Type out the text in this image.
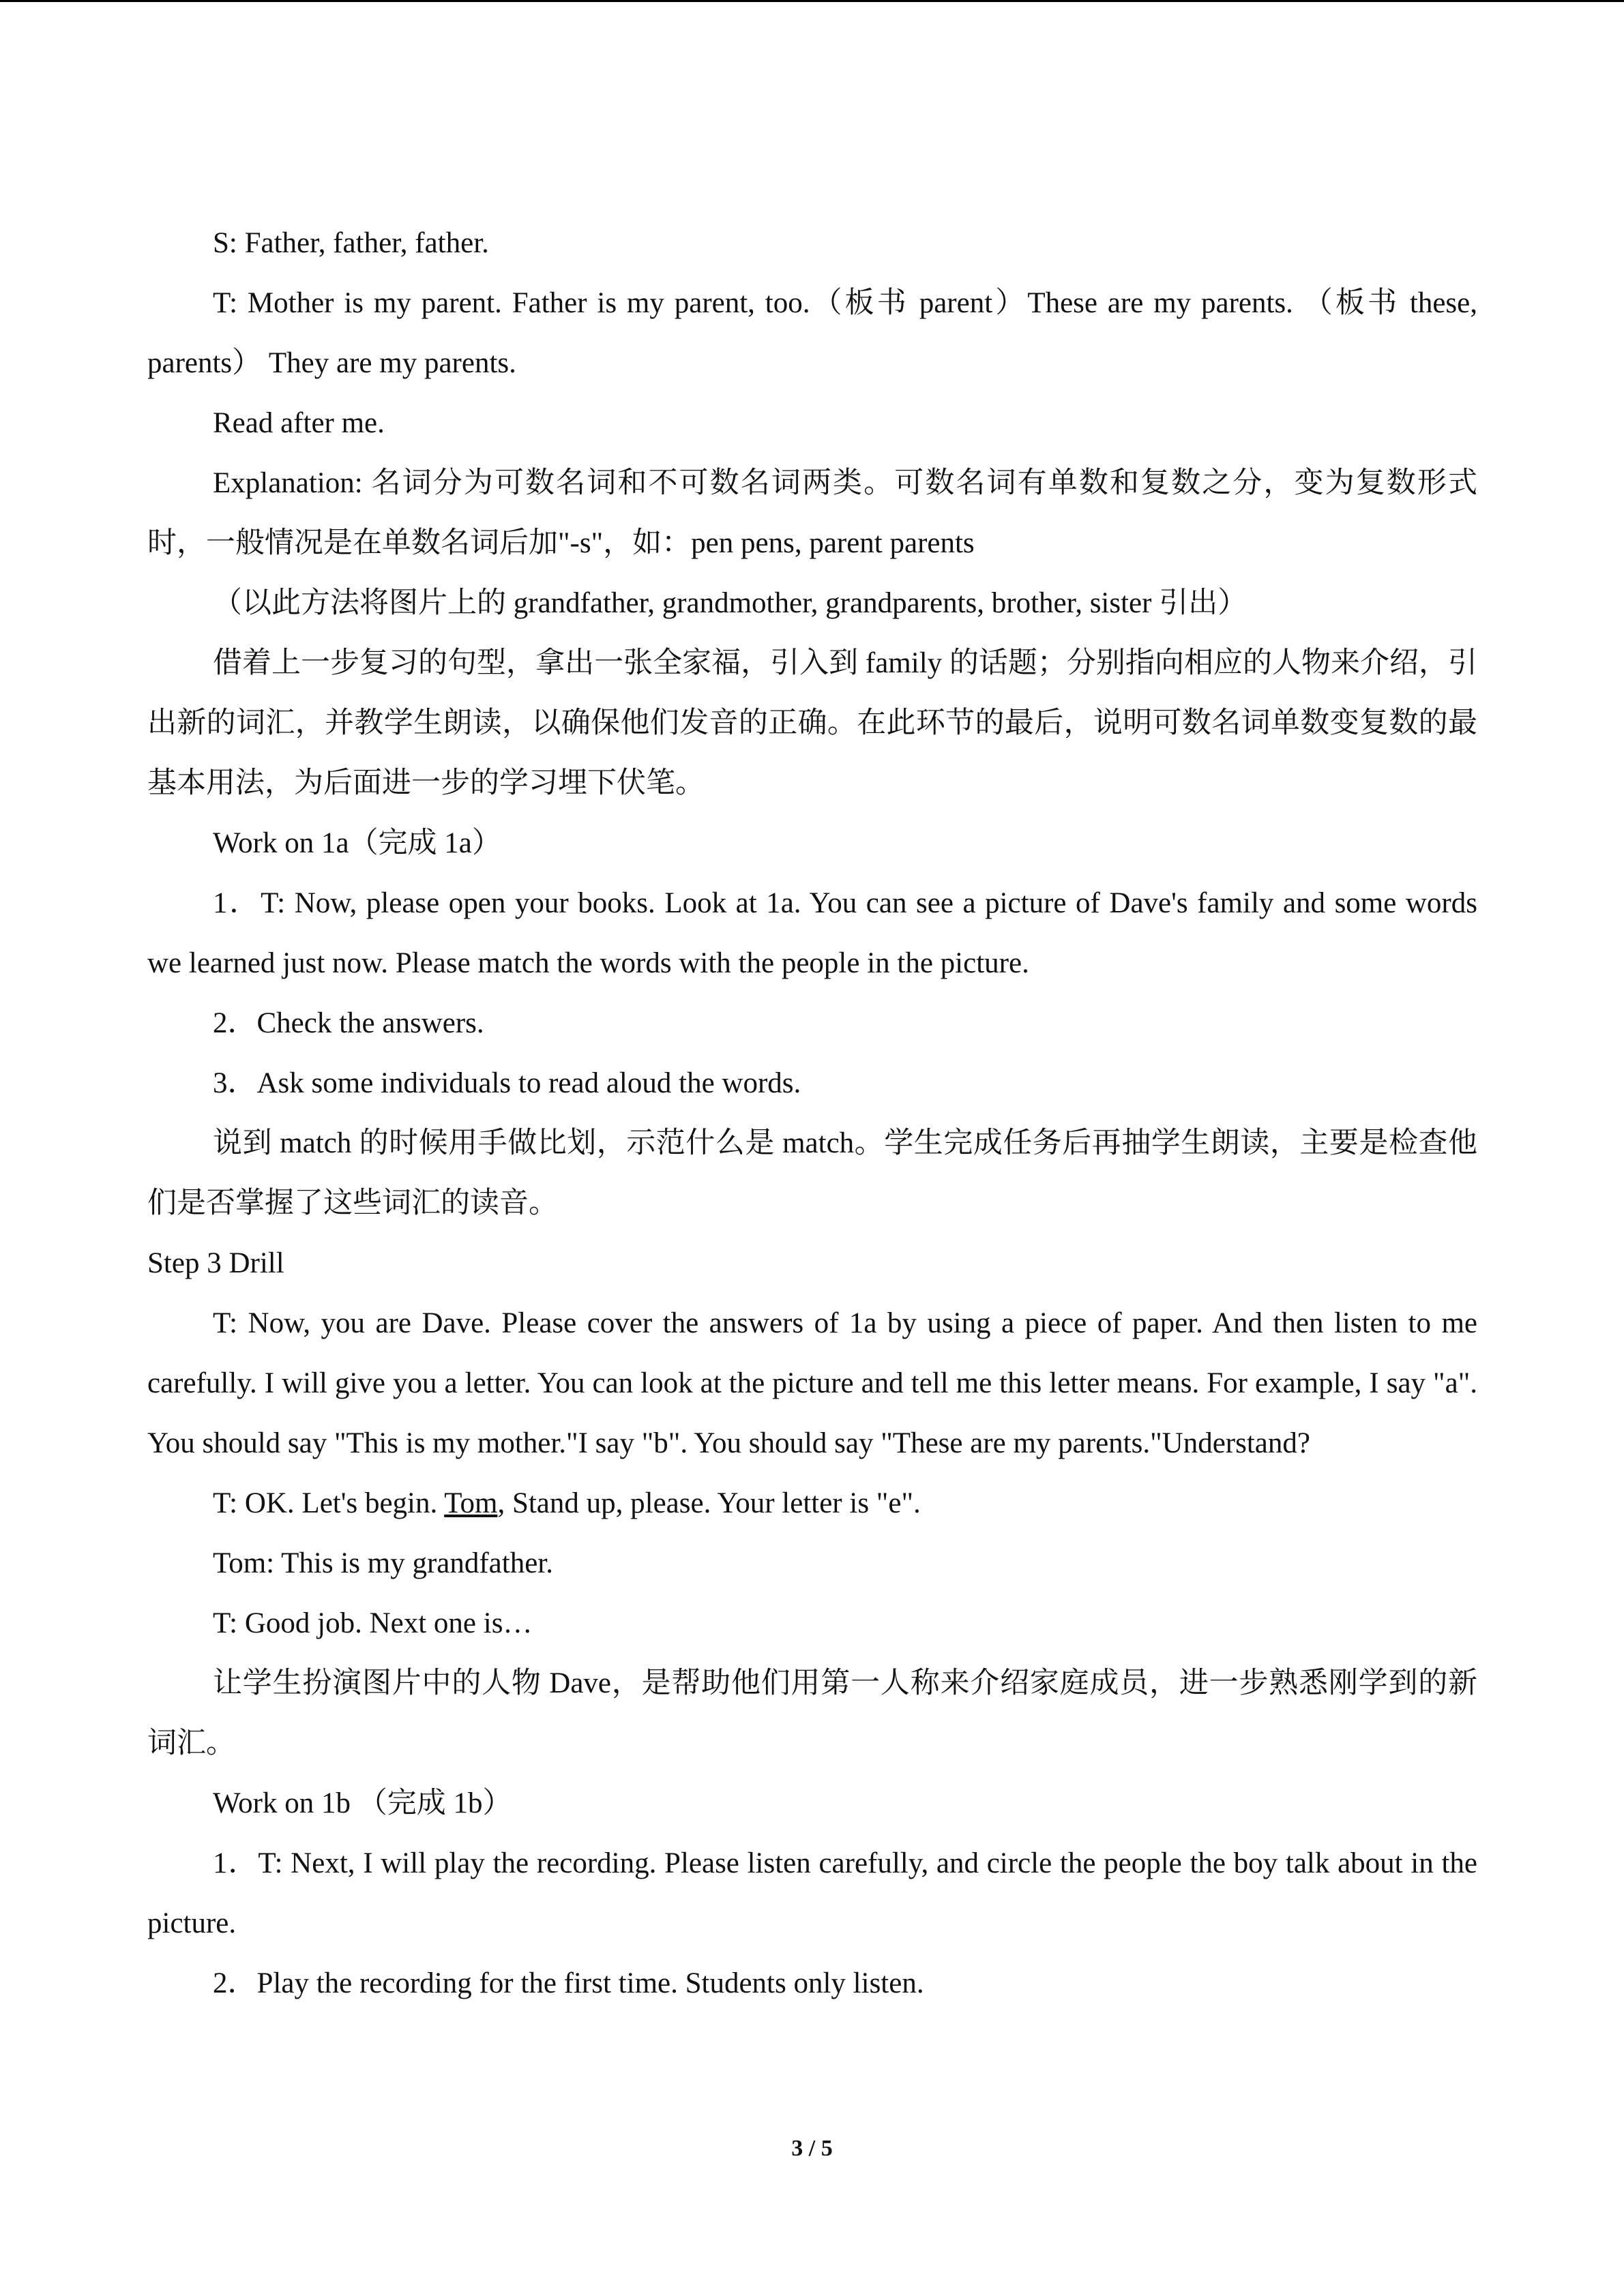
S: Father, father, father.

T: Mother is my parent. Father is my parent, too.（板书 parent）These are my parents. （板书 these, parents） They are my parents.

Read after me.

Explanation: 名词分为可数名词和不可数名词两类。可数名词有单数和复数之分，变为复数形式时，一般情况是在单数名词后加"-s"，如：pen pens, parent parents

（以此方法将图片上的 grandfather, grandmother, grandparents, brother, sister 引出）

借着上一步复习的句型，拿出一张全家福，引入到 family 的话题；分别指向相应的人物来介绍，引出新的词汇，并教学生朗读，以确保他们发音的正确。在此环节的最后，说明可数名词单数变复数的最基本用法，为后面进一步的学习埋下伏笔。

Work on 1a（完成 1a）

1．T: Now, please open your books. Look at 1a. You can see a picture of Dave's family and some words we learned just now. Please match the words with the people in the picture.

2．Check the answers.

3．Ask some individuals to read aloud the words.

说到 match 的时候用手做比划，示范什么是 match。学生完成任务后再抽学生朗读，主要是检查他们是否掌握了这些词汇的读音。

Step 3 Drill

T: Now, you are Dave. Please cover the answers of 1a by using a piece of paper. And then listen to me carefully. I will give you a letter. You can look at the picture and tell me this letter means. For example, I say "a". You should say "This is my mother."I say "b". You should say "These are my parents."Understand?

T: OK. Let's begin. Tom, Stand up, please. Your letter is "e".

Tom: This is my grandfather.

T: Good job. Next one is…

让学生扮演图片中的人物 Dave，是帮助他们用第一人称来介绍家庭成员，进一步熟悉刚学到的新词汇。

Work on 1b （完成 1b）

1．T: Next, I will play the recording. Please listen carefully, and circle the people the boy talk about in the picture.

2．Play the recording for the first time. Students only listen.

3 / 5
